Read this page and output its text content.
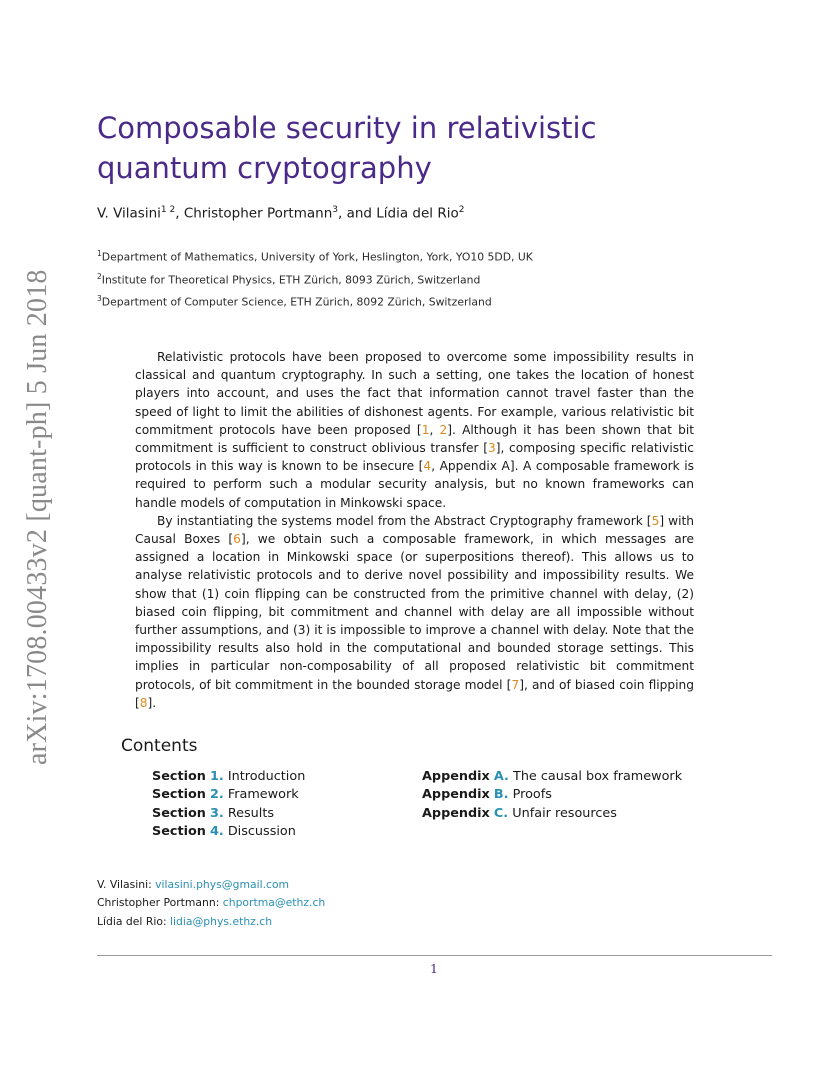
arXiv:1708.00433v2 [quant-ph] 5 Jun 2018
Composable security in relativistic
quantum cryptography
V. Vilasini$^{1 2}$, Christopher Portmann$^3$, and Lídia del Rio$^2$
$^1$Department of Mathematics, University of York, Heslington, York, YO10 5DD, UK
$^2$Institute for Theoretical Physics, ETH Zürich, 8093 Zürich, Switzerland
$^3$Department of Computer Science, ETH Zürich, 8092 Zürich, Switzerland

Relativistic protocols have been proposed to overcome some impossibility results in classical and quantum cryptography. In such a setting, one takes the location of honest players into account, and uses the fact that information cannot travel faster than the speed of light to limit the abilities of dishonest agents. For example, various relativistic bit commitment protocols have been proposed [1, 2]. Although it has been shown that bit commitment is sufficient to construct oblivious transfer [3], composing specific relativistic protocols in this way is known to be insecure [4, Appendix A]. A composable framework is required to perform such a modular security analysis, but no known frameworks can handle models of computation in Minkowski space.

By instantiating the systems model from the Abstract Cryptography framework [5] with Causal Boxes [6], we obtain such a composable framework, in which messages are assigned a location in Minkowski space (or superpositions thereof). This allows us to analyse relativistic protocols and to derive novel possibility and impossibility results. We show that (1) coin flipping can be constructed from the primitive channel with delay, (2) biased coin flipping, bit commitment and channel with delay are all impossible without further assumptions, and (3) it is impossible to improve a channel with delay. Note that the impossibility results also hold in the computational and bounded storage settings. This implies in particular non-composability of all proposed relativistic bit commitment protocols, of bit commitment in the bounded storage model [7], and of biased coin flipping [8].

Contents
Section 1. Introduction
Section 2. Framework
Section 3. Results
Section 4. Discussion
Appendix A. The causal box framework
Appendix B. Proofs
Appendix C. Unfair resources
V. Vilasini: vilasini.phys@gmail.com
Christopher Portmann: chportma@ethz.ch
Lídia del Rio: lidia@phys.ethz.ch
1
